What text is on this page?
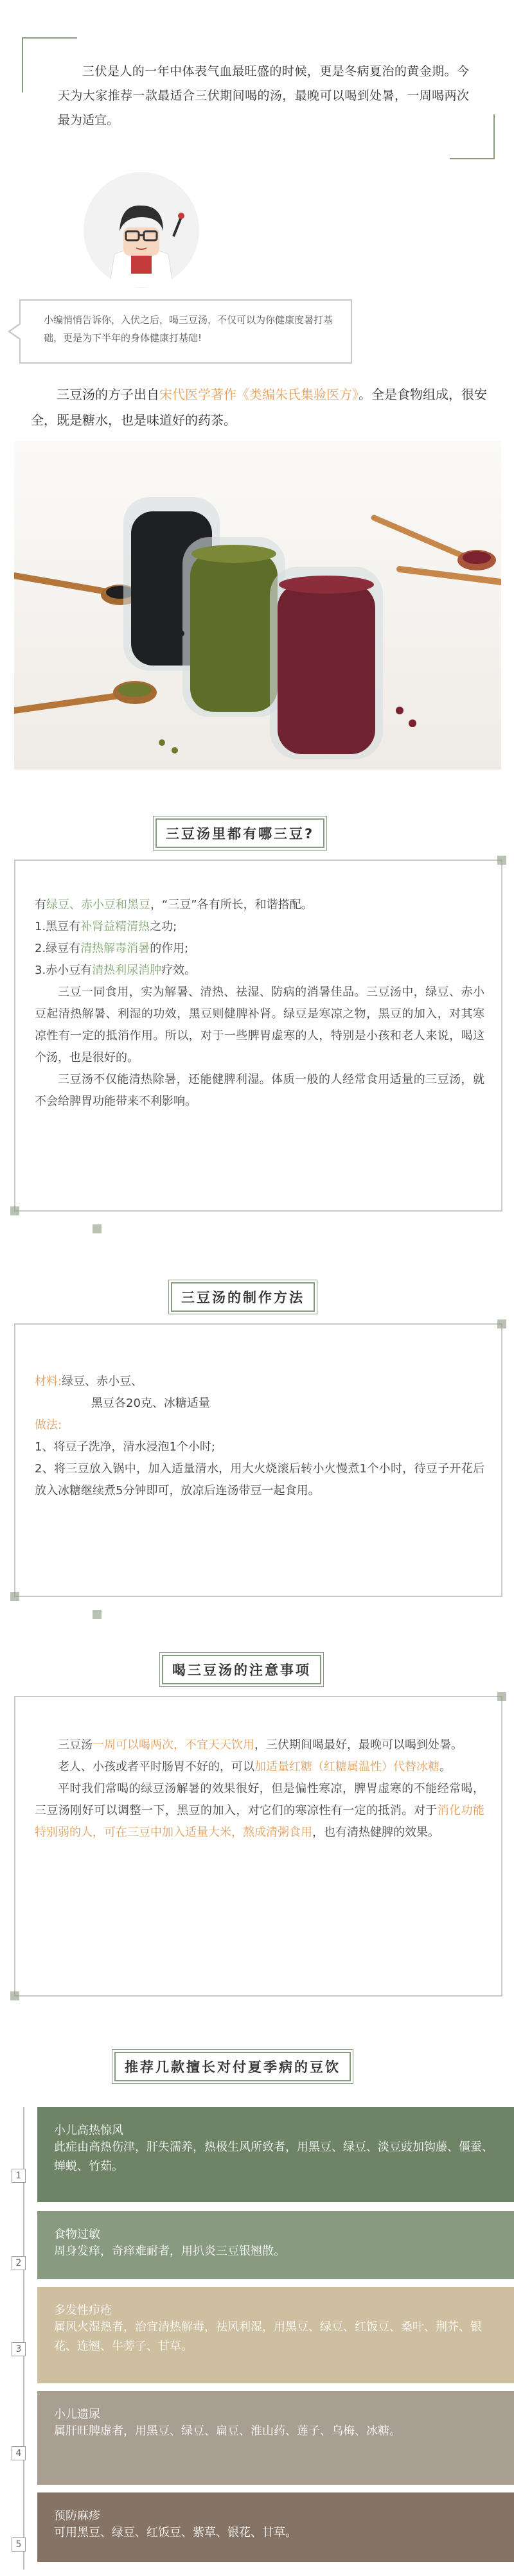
三伏是人的一年中体表气血最旺盛的时候，更是冬病夏治的黄金期。今天为大家推荐一款最适合三伏期间喝的汤，最晚可以喝到处暑，一周喝两次最为适宜。

小编悄悄告诉你，入伏之后，喝三豆汤，不仅可以为你健康度暑打基础，更是为下半年的身体健康打基础!

三豆汤的方子出自宋代医学著作《类编朱氏集验医方》。全是食物组成，很安全，既是糖水，也是味道好的药茶。

三豆汤里都有哪三豆?
有绿豆、赤小豆和黑豆，“三豆”各有所长，和谐搭配。
1.黑豆有补肾益精清热之功;
2.绿豆有清热解毒消暑的作用;
3.赤小豆有清热利尿消肿疗效。

三豆一同食用，实为解暑、清热、祛湿、防病的消暑佳品。三豆汤中，绿豆、赤小豆起清热解暑、利湿的功效，黑豆则健脾补肾。绿豆是寒凉之物，黑豆的加入，对其寒凉性有一定的抵消作用。所以，对于一些脾胃虚寒的人，特别是小孩和老人来说，喝这个汤，也是很好的。

三豆汤不仅能清热除暑，还能健脾利湿。体质一般的人经常食用适量的三豆汤，就不会给脾胃功能带来不利影响。

三豆汤的制作方法
材料:绿豆、赤小豆、
黑豆各20克、冰糖适量
做法:
1、将豆子洗净，清水浸泡1个小时;
2、将三豆放入锅中，加入适量清水，用大火烧滚后转小火慢煮1个小时，待豆子开花后放入冰糖继续煮5分钟即可，放凉后连汤带豆一起食用。
喝三豆汤的注意事项

三豆汤一周可以喝两次，不宜天天饮用，三伏期间喝最好，最晚可以喝到处暑。

老人、小孩或者平时肠胃不好的，可以加适量红糖（红糖属温性）代替冰糖。

平时我们常喝的绿豆汤解暑的效果很好，但是偏性寒凉，脾胃虚寒的不能经常喝，三豆汤刚好可以调整一下，黑豆的加入，对它们的寒凉性有一定的抵消。对于消化功能特别弱的人，可在三豆中加入适量大米，熬成清粥食用，也有清热健脾的效果。

推荐几款擅长对付夏季病的豆饮
小儿高热惊风
此症由高热伤津，肝失濡养，热极生风所致者，用黑豆、绿豆、淡豆豉加钩藤、僵蚕、蝉蜕、竹茹。
1
食物过敏
周身发痒，奇痒难耐者，用扒炎三豆银翘散。
2
多发性疖疮
属风火湿热者，治宜清热解毒，祛风利湿，用黑豆、绿豆、红饭豆、桑叶、荆芥、银花、连翘、牛蒡子、甘草。
3
小儿遗尿
属肝旺脾虚者，用黑豆、绿豆、扁豆、淮山药、莲子、乌梅、冰糖。
4
预防麻疹
可用黑豆、绿豆、红饭豆、紫草、银花、甘草。
5
